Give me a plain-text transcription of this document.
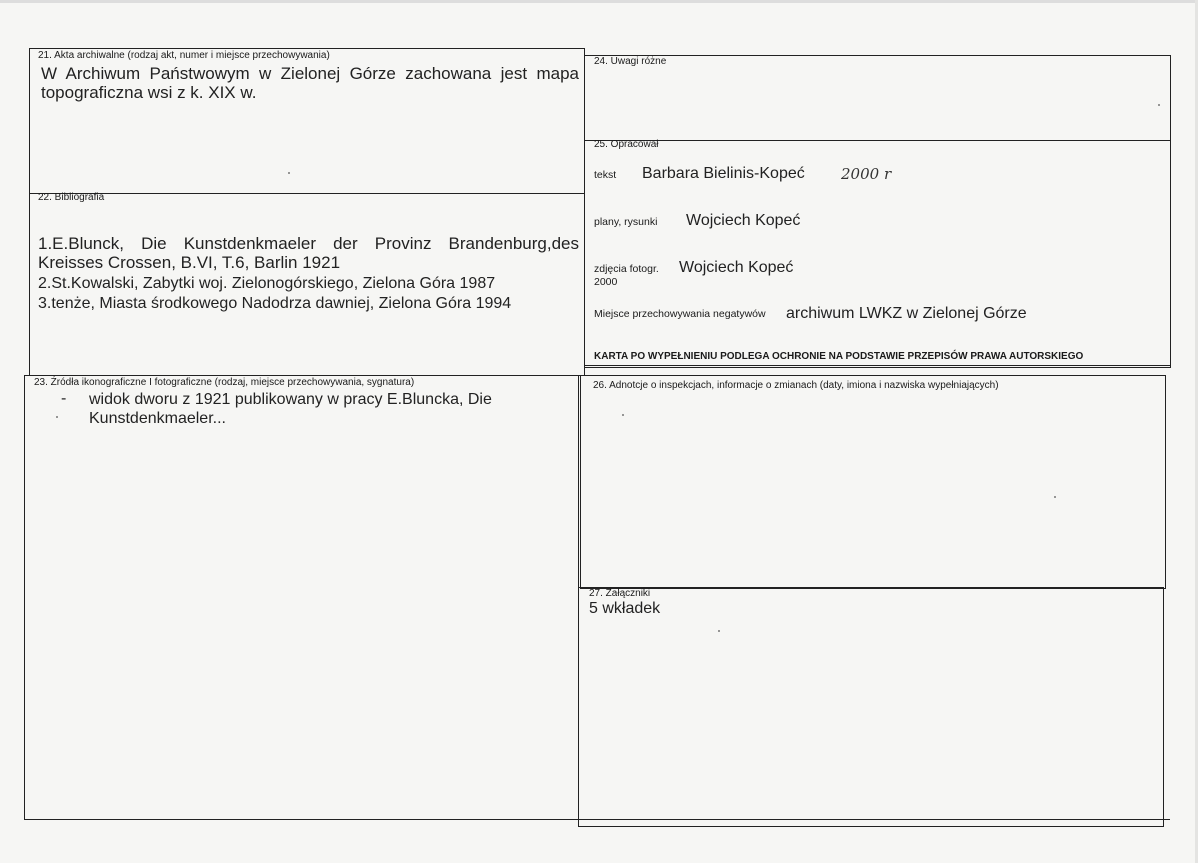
21. Akta archiwalne (rodzaj akt, numer i miejsce przechowywania)
W Archiwum Państwowym w Zielonej Górze zachowana jest mapa topograficzna wsi z k. XIX w.
22. Bibliografia
1.E.Blunck, Die Kunstdenkmaeler der Provinz Brandenburg,des Kreisses Crossen, B.VI, T.6, Barlin 1921
2.St.Kowalski, Zabytki woj. Zielonogórskiego, Zielona Góra 1987
3.tenże, Miasta środkowego Nadodrza dawniej, Zielona Góra 1994
23. Źródła ikonograficzne I fotograficzne (rodzaj, miejsce przechowywania, sygnatura)
- widok dworu z 1921 publikowany w pracy E.Bluncka, Die Kunstdenkmaeler...
24. Uwagi różne
25. Opracował
tekst Barbara Bielinis-Kopeć 2000 r
plany, rysunki Wojciech Kopeć
zdjęcia fotogr.
2000
Wojciech Kopeć
Miejsce przechowywania negatywów archiwum LWKZ w Zielonej Górze
KARTA PO WYPEŁNIENIU PODLEGA OCHRONIE NA PODSTAWIE PRZEPISÓW PRAWA AUTORSKIEGO
26. Adnotcje o inspekcjach, informacje o zmianach (daty, imiona i nazwiska wypełniających)
27. Załączniki
5 wkładek
